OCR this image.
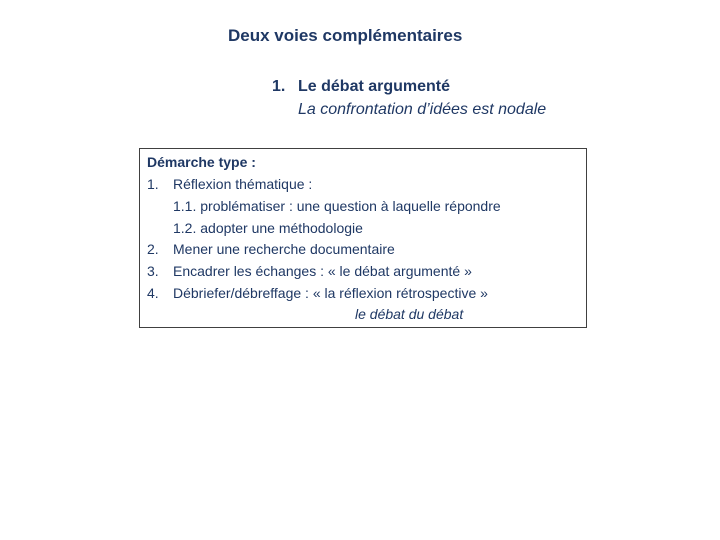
Deux voies complémentaires
1. Le débat argumenté
La confrontation d’idées est nodale
Démarche type :
1. Réflexion thématique :
1.1. problématiser : une question à laquelle répondre
1.2. adopter une méthodologie
2. Mener une recherche documentaire
3. Encadrer les échanges : « le débat argumenté »
4. Débriefer/débreffage : « la réflexion rétrospective »
le débat du débat
